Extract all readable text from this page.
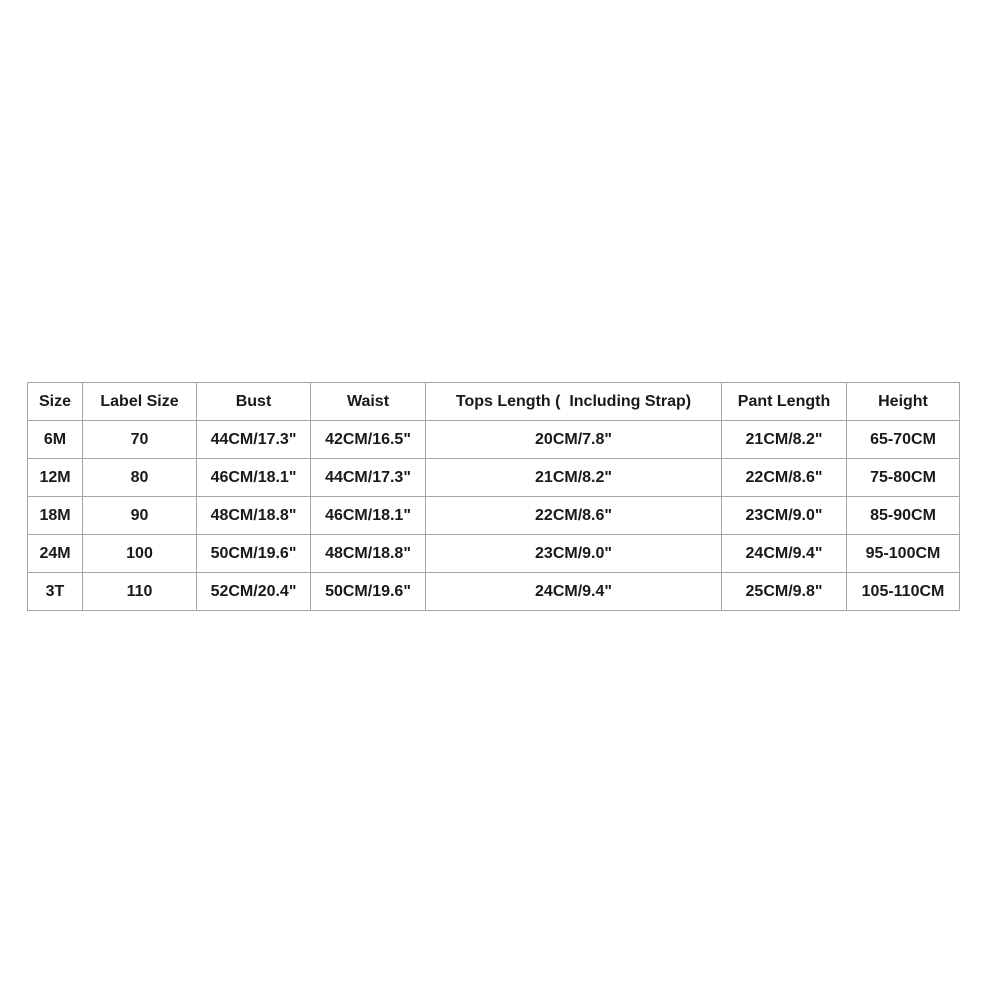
Size	Label Size	Bust	Waist	Tops Length (  Including Strap)	Pant Length	Height
6M	70	44CM/17.3"	42CM/16.5"	20CM/7.8"	21CM/8.2"	65-70CM
12M	80	46CM/18.1"	44CM/17.3"	21CM/8.2"	22CM/8.6"	75-80CM
18M	90	48CM/18.8"	46CM/18.1"	22CM/8.6"	23CM/9.0"	85-90CM
24M	100	50CM/19.6"	48CM/18.8"	23CM/9.0"	24CM/9.4"	95-100CM
3T	110	52CM/20.4"	50CM/19.6"	24CM/9.4"	25CM/9.8"	105-110CM
